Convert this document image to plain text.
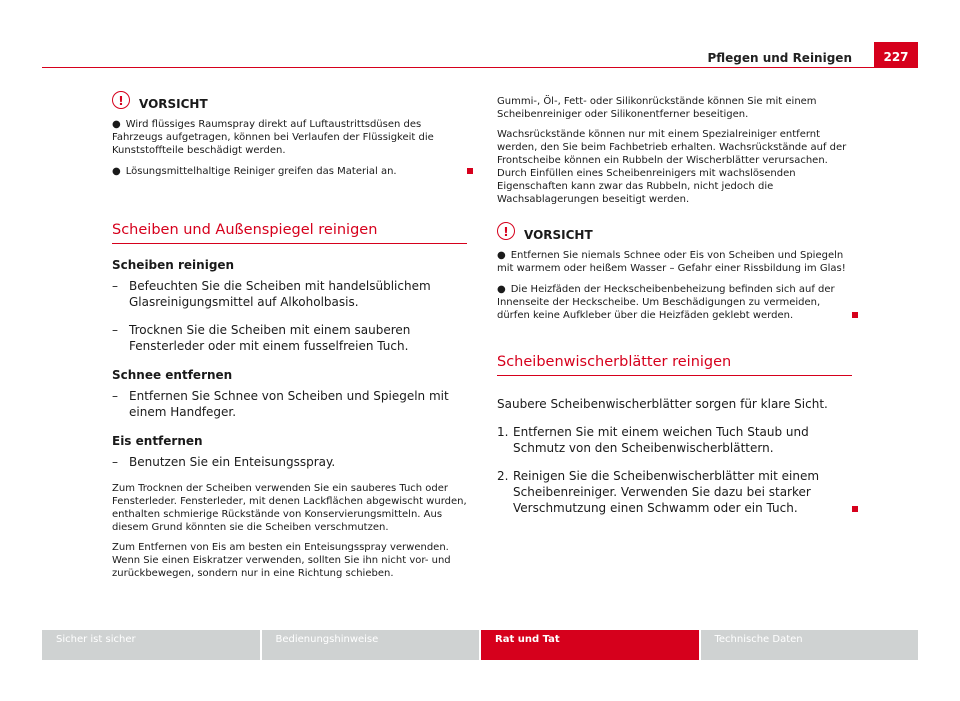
Pflegen und Reinigen	227
!	VORSICHT
● Wird flüssiges Raumspray direkt auf Luftaustrittsdüsen des Fahrzeugs aufgetragen, können bei Verlaufen der Flüssigkeit die Kunststoffteile beschädigt werden.
● Lösungsmittelhaltige Reiniger greifen das Material an.
Scheiben und Außenspiegel reinigen
Scheiben reinigen
– Befeuchten Sie die Scheiben mit handelsüblichem Glasreinigungsmittel auf Alkoholbasis.
– Trocknen Sie die Scheiben mit einem sauberen Fensterleder oder mit einem fusselfreien Tuch.
Schnee entfernen
– Entfernen Sie Schnee von Scheiben und Spiegeln mit einem Handfeger.
Eis entfernen
– Benutzen Sie ein Enteisungsspray.
Zum Trocknen der Scheiben verwenden Sie ein sauberes Tuch oder Fensterleder. Fensterleder, mit denen Lackflächen abgewischt wurden, enthalten schmierige Rückstände von Konservierungsmitteln. Aus diesem Grund könnten sie die Scheiben verschmutzen.
Zum Entfernen von Eis am besten ein Enteisungsspray verwenden. Wenn Sie einen Eiskratzer verwenden, sollten Sie ihn nicht vor- und zurückbewegen, sondern nur in eine Richtung schieben.
Gummi-, Öl-, Fett- oder Silikonrückstände können Sie mit einem Scheibenreiniger oder Silikonentferner beseitigen.
Wachsrückstände können nur mit einem Spezialreiniger entfernt werden, den Sie beim Fachbetrieb erhalten. Wachsrückstände auf der Frontscheibe können ein Rubbeln der Wischerblätter verursachen. Durch Einfüllen eines Scheibenreinigers mit wachslösenden Eigenschaften kann zwar das Rubbeln, nicht jedoch die Wachsablagerungen beseitigt werden.
!	VORSICHT
● Entfernen Sie niemals Schnee oder Eis von Scheiben und Spiegeln mit warmem oder heißem Wasser – Gefahr einer Rissbildung im Glas!
● Die Heizfäden der Heckscheibenbeheizung befinden sich auf der Innenseite der Heckscheibe. Um Beschädigungen zu vermeiden, dürfen keine Aufkleber über die Heizfäden geklebt werden.
Scheibenwischerblätter reinigen
Saubere Scheibenwischerblätter sorgen für klare Sicht.
1. Entfernen Sie mit einem weichen Tuch Staub und Schmutz von den Scheibenwischerblättern.
2. Reinigen Sie die Scheibenwischerblätter mit einem Scheibenreiniger. Verwenden Sie dazu bei starker Verschmutzung einen Schwamm oder ein Tuch.
Sicher ist sicher	Bedienungshinweise	Rat und Tat	Technische Daten
